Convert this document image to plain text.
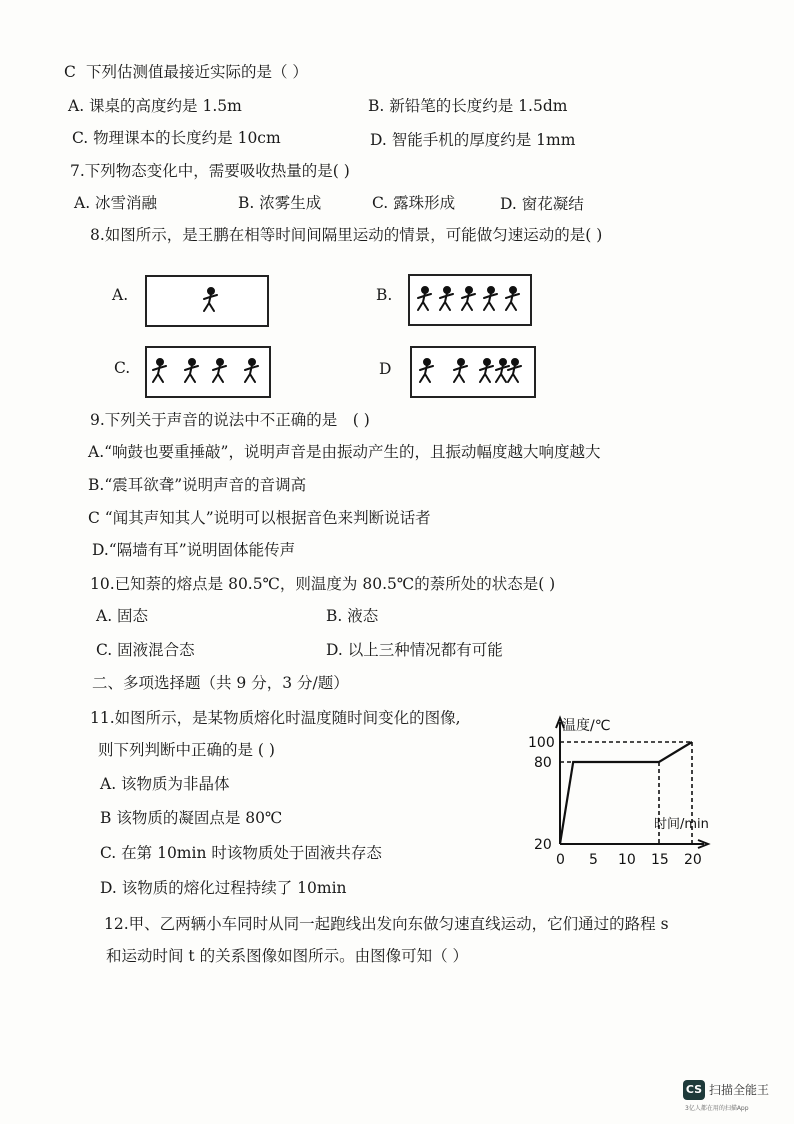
C 下列估测值最接近实际的是（ ）
A. 课桌的高度约是 1.5m	B. 新铅笔的长度约是 1.5dm
C. 物理课本的长度约是 10cm	D. 智能手机的厚度约是 1mm
7.下列物态变化中，需要吸收热量的是( )
A. 冰雪消融	B. 浓雾生成	C. 露珠形成	D. 窗花凝结
8.如图所示，是王鹏在相等时间间隔里运动的情景，可能做匀速运动的是( )
A.	B.
C.	D
9.下列关于声音的说法中不正确的是　( )
A.“响鼓也要重捶敲”，说明声音是由振动产生的，且振动幅度越大响度越大
B.“震耳欲聋”说明声音的音调高
C “闻其声知其人”说明可以根据音色来判断说话者
D.“隔墙有耳”说明固体能传声
10.已知萘的熔点是 80.5℃，则温度为 80.5℃的萘所处的状态是( )
A. 固态	B. 液态
C. 固液混合态	D. 以上三种情况都有可能
二、多项选择题（共 9 分，3 分/题）
11.如图所示，是某物质熔化时温度随时间变化的图像,
则下列判断中正确的是 ( )
A. 该物质为非晶体
B 该物质的凝固点是 80℃
C. 在第 10min 时该物质处于固液共存态
D. 该物质的熔化过程持续了 10min
0 5 10 15 20
20
80
100
温度/℃
时间/min
12.甲、乙两辆小车同时从同一起跑线出发向东做匀速直线运动，它们通过的路程 s
和运动时间 t 的关系图像如图所示。由图像可知（ ）
CS 扫描全能王
3亿人都在用的扫描App
